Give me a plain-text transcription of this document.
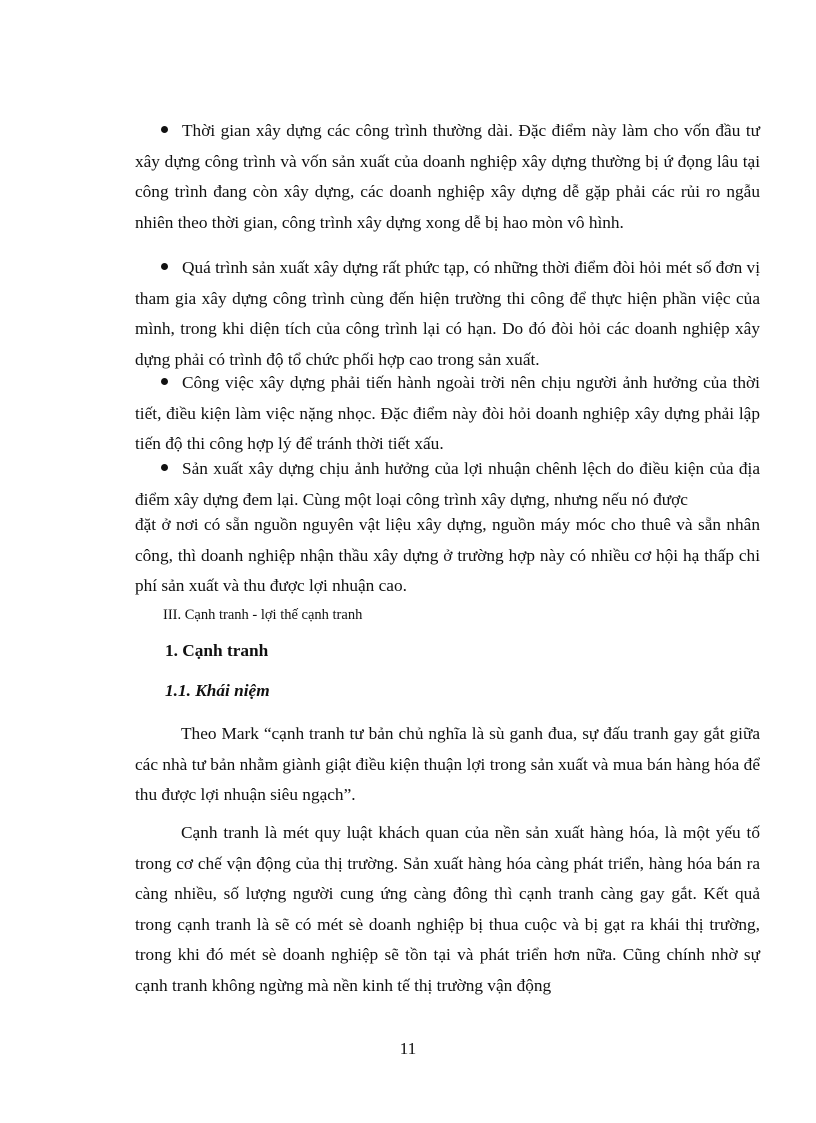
Thời gian xây dựng các công trình thường dài. Đặc điểm này làm cho vốn đầu tư xây dựng công trình và vốn sản xuất của doanh nghiệp xây dựng thường bị ứ đọng lâu tại công trình đang còn xây dựng, các doanh nghiệp xây dựng dễ gặp phải các rủi ro ngẫu nhiên theo thời gian, công trình xây dựng xong dễ bị hao mòn vô hình.
Quá trình sản xuất xây dựng rất phức tạp, có những thời điểm đòi hỏi mét số đơn vị tham gia xây dựng công trình cùng đến hiện trường thi công để thực hiện phần việc của mình, trong khi diện tích của công trình lại có hạn. Do đó đòi hỏi các doanh nghiệp xây dựng phải có trình độ tổ chức phối hợp cao trong sản xuất.
Công việc xây dựng phải tiến hành ngoài trời nên chịu người ảnh hưởng của thời tiết, điều kiện làm việc nặng nhọc. Đặc điểm này đòi hỏi doanh nghiệp xây dựng phải lập tiến độ thi công hợp lý để tránh thời tiết xấu.
Sản xuất xây dựng chịu ảnh hưởng của lợi nhuận chênh lệch do điều kiện của địa điểm xây dựng đem lại. Cùng một loại công trình xây dựng, nhưng nếu nó được
đặt ở nơi có sẵn nguồn nguyên vật liệu xây dựng, nguồn máy móc cho thuê và sẵn nhân công, thì doanh nghiệp nhận thầu xây dựng ở trường hợp này có nhiều cơ hội hạ thấp chi phí sản xuất và thu được lợi nhuận cao.
III. Cạnh tranh - lợi thế cạnh tranh
1. Cạnh tranh
1.1. Khái niệm
Theo Mark “cạnh tranh tư bản chủ nghĩa là sù ganh đua, sự đấu tranh gay gắt giữa các nhà tư bản nhằm giành giật điều kiện thuận lợi trong sản xuất và mua bán hàng hóa để thu được lợi nhuận siêu ngạch”.
Cạnh tranh là mét quy luật khách quan của nền sản xuất hàng hóa, là một yếu tố trong cơ chế vận động của thị trường. Sản xuất hàng hóa càng phát triển, hàng hóa bán ra càng nhiều, số lượng người cung ứng càng đông thì cạnh tranh càng gay gắt. Kết quả trong cạnh tranh là sẽ có mét sè doanh nghiệp bị thua cuộc và bị gạt ra khái thị trường, trong khi đó mét sè doanh nghiệp sẽ tồn tại và phát triển hơn nữa. Cũng chính nhờ sự cạnh tranh không ngừng mà nền kinh tế thị trường vận động
11
